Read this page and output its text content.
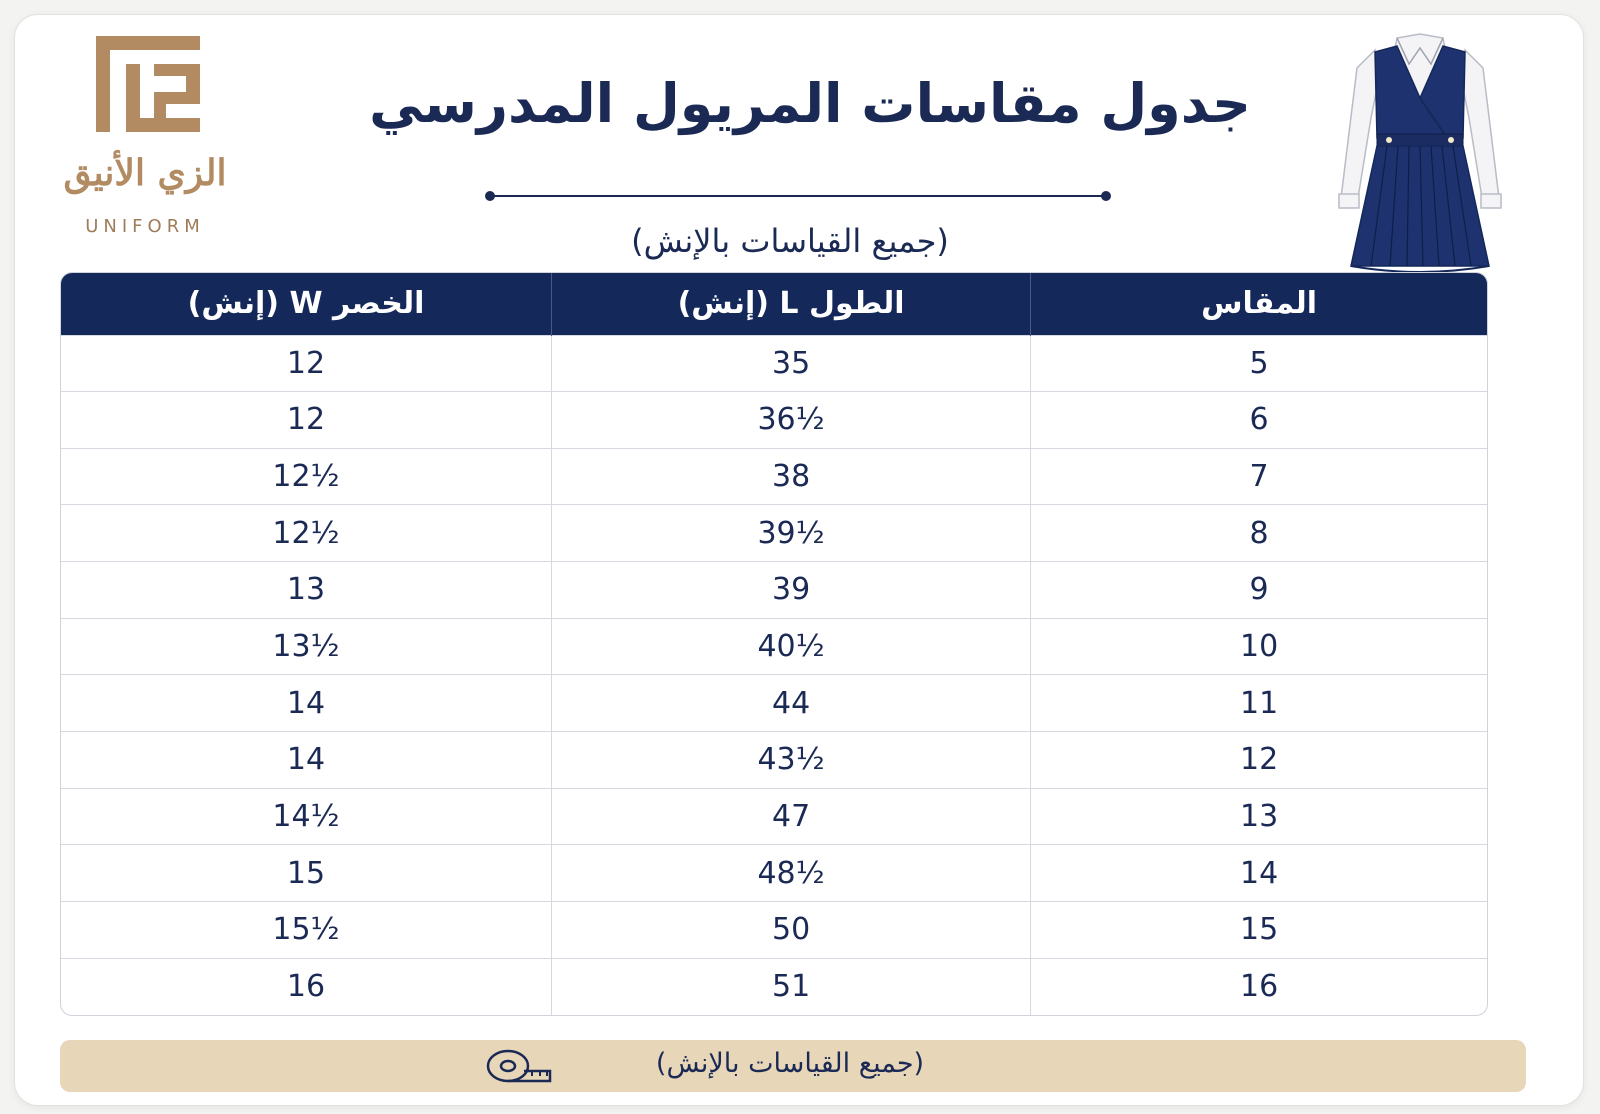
الزي الأنيق
UNIFORM
جدول مقاسات المريول المدرسي
(جميع القياسات بالإنش)
الخصر W (إنش)	الطول L (إنش)	المقاس
12	35	5
12	36½	6
12½	38	7
12½	39½	8
13	39	9
13½	40½	10
14	44	11
14	43½	12
14½	47	13
15	48½	14
15½	50	15
16	51	16
(جميع القياسات بالإنش)
